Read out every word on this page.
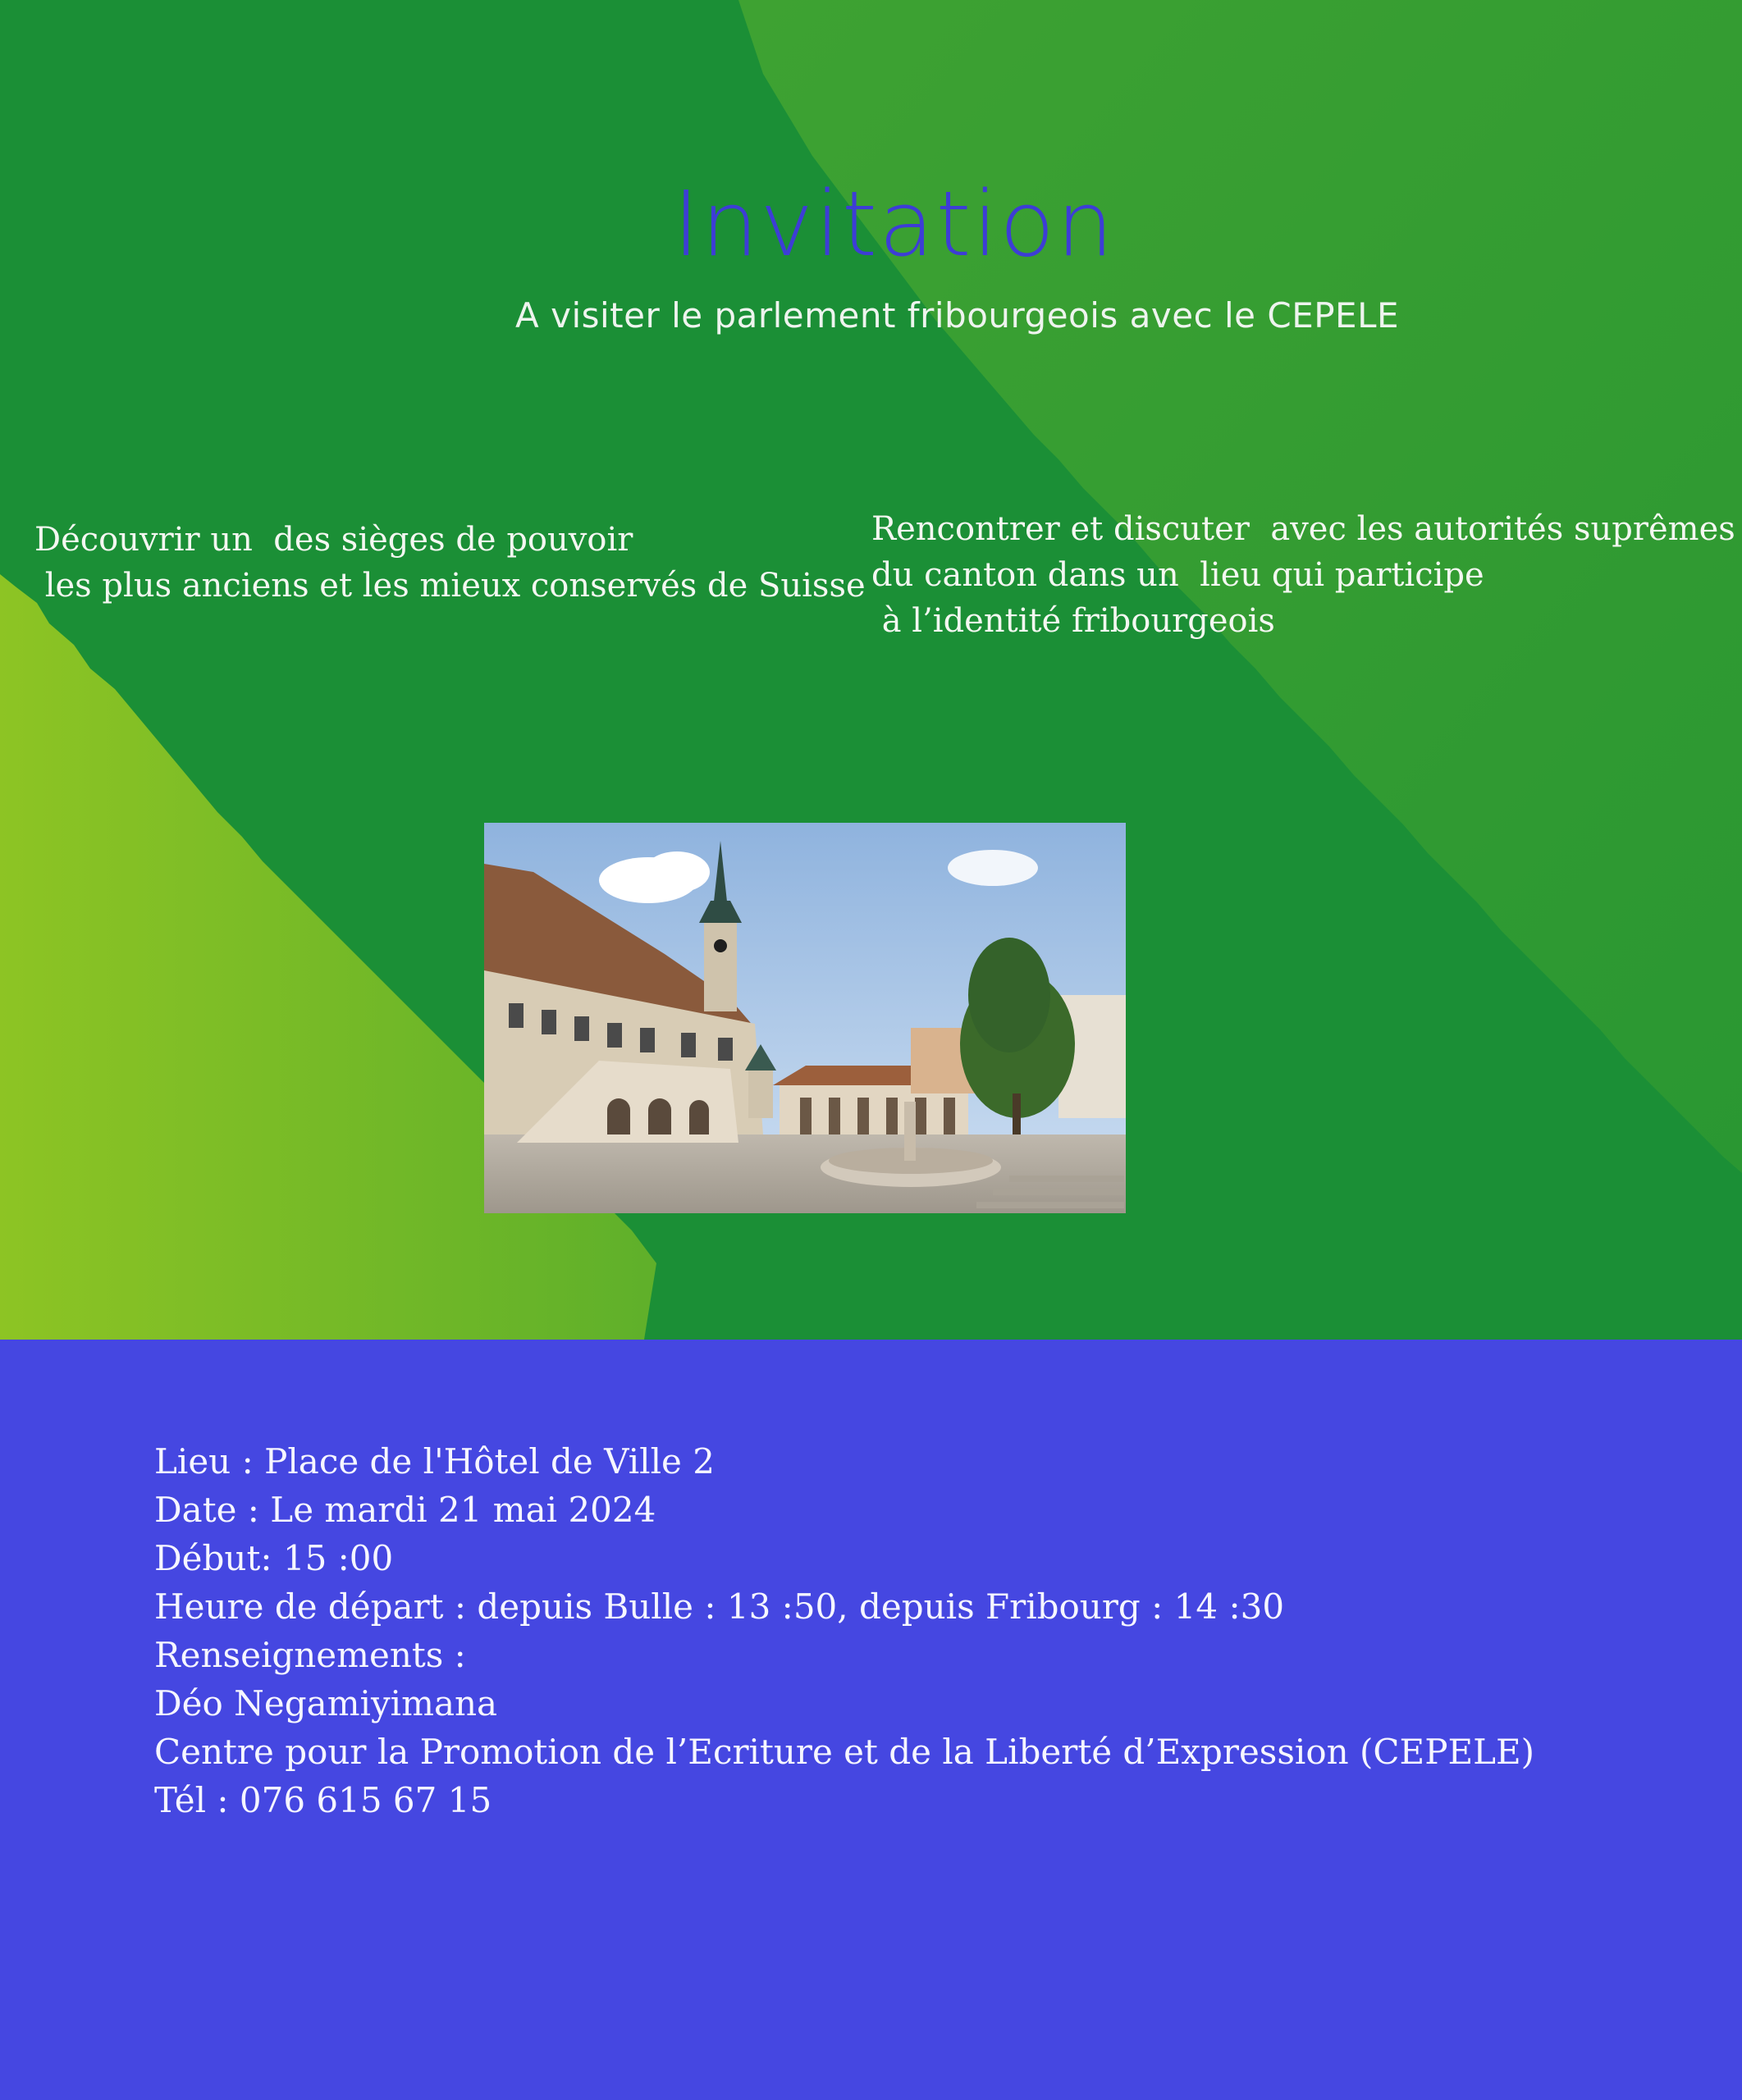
Invitation

A visiter le parlement fribourgeois avec le CEPELE

Découvrir un  des sièges de pouvoir
les plus anciens et les mieux conservés de Suisse
Rencontrer et discuter  avec les autorités suprêmes
du canton dans un  lieu qui participe
à l’identité fribourgeois
Lieu : Place de l'Hôtel de Ville 2
Date : Le mardi 21 mai 2024
Début: 15 :00
Heure de départ : depuis Bulle : 13 :50, depuis Fribourg : 14 :30
Renseignements :
Déo Negamiyimana
Centre pour la Promotion de l’Ecriture et de la Liberté d’Expression (CEPELE)
Tél : 076 615 67 15
